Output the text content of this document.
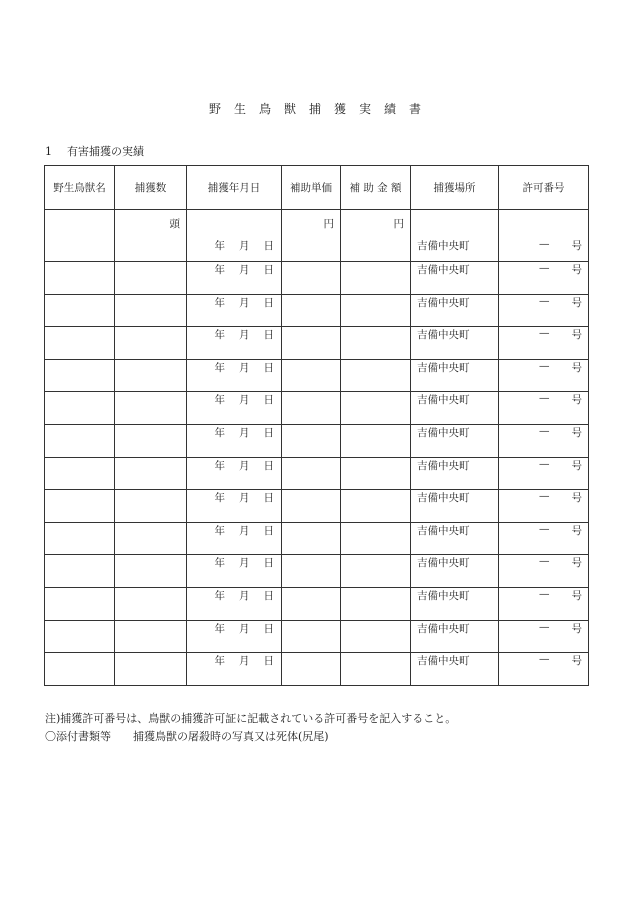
野生鳥獣捕獲実績書
1 有害捕獲の実績
野生鳥獣名	捕獲数	捕獲年月日	補助単価	補 助 金 額	捕獲場所	許可番号

	頭	年 月 日	円	円	吉備中央町	— 号

		年 月 日			吉備中央町	— 号

		年 月 日			吉備中央町	— 号

		年 月 日			吉備中央町	— 号

		年 月 日			吉備中央町	— 号

		年 月 日			吉備中央町	— 号

		年 月 日			吉備中央町	— 号

		年 月 日			吉備中央町	— 号

		年 月 日			吉備中央町	— 号

		年 月 日			吉備中央町	— 号

		年 月 日			吉備中央町	— 号

		年 月 日			吉備中央町	— 号

		年 月 日			吉備中央町	— 号

		年 月 日			吉備中央町	— 号
注)捕獲許可番号は、鳥獣の捕獲許可証に記載されている許可番号を記入すること。
〇添付書類等 捕獲鳥獣の屠殺時の写真又は死体(尻尾)
